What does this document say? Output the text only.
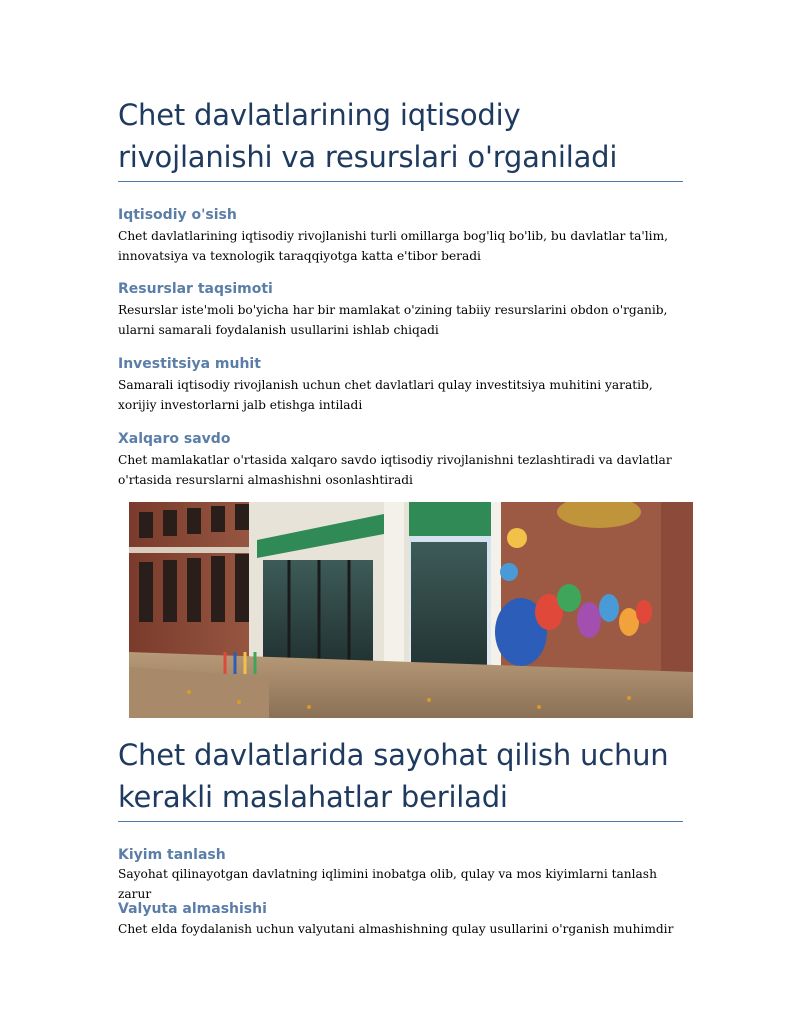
Chet davlatlarining iqtisodiy rivojlanishi va resurslari o'rganiladi
Iqtisodiy o'sish

Chet davlatlarining iqtisodiy rivojlanishi turli omillarga bog'liq bo'lib, bu davlatlar ta'lim, innovatsiya va texnologik taraqqiyotga katta e'tibor beradi

Resurslar taqsimoti

Resurslar iste'moli bo'yicha har bir mamlakat o'zining tabiiy resurslarini obdon o'rganib, ularni samarali foydalanish usullarini ishlab chiqadi

Investitsiya muhit

Samarali iqtisodiy rivojlanish uchun chet davlatlari qulay investitsiya muhitini yaratib, xorijiy investorlarni jalb etishga intiladi

Xalqaro savdo

Chet mamlakatlar o'rtasida xalqaro savdo iqtisodiy rivojlanishni tezlashtiradi va davlatlar o'rtasida resurslarni almashishni osonlashtiradi

Chet davlatlarida sayohat qilish uchun kerakli maslahatlar beriladi
Kiyim tanlash

Sayohat qilinayotgan davlatning iqlimini inobatga olib, qulay va mos kiyimlarni tanlash zarur

Valyuta almashishi

Chet elda foydalanish uchun valyutani almashishning qulay usullarini o'rganish muhimdir
